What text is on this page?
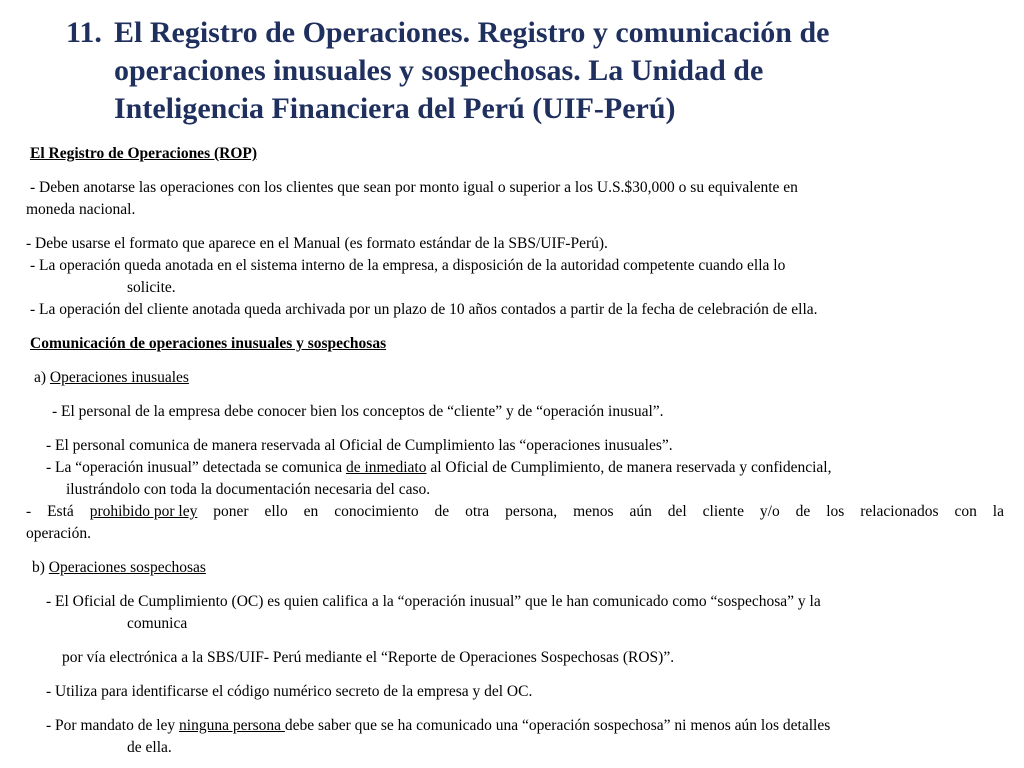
11. El Registro de Operaciones. Registro y comunicación de
operaciones inusuales y sospechosas. La Unidad de
Inteligencia Financiera del Perú (UIF-Perú)
El Registro de Operaciones (ROP)
- Deben anotarse las operaciones con los clientes que sean por monto igual o superior a los U.S.$30,000 o su equivalente en
moneda nacional.
- Debe usarse el formato que aparece en el Manual (es formato estándar de la SBS/UIF-Perú).
- La operación queda anotada en el sistema interno de la empresa, a disposición de la autoridad competente cuando ella lo
solicite.
- La operación del cliente anotada queda archivada por un plazo de 10 años contados a partir de la fecha de celebración de ella.
Comunicación de operaciones inusuales y sospechosas
a) Operaciones inusuales
- El personal de la empresa debe conocer bien los conceptos de “cliente” y de “operación inusual”.
- El personal comunica de manera reservada al Oficial de Cumplimiento las “operaciones inusuales”.
- La “operación inusual” detectada se comunica de inmediato al Oficial de Cumplimiento, de manera reservada y confidencial,
ilustrándolo con toda la documentación necesaria del caso.
- Está prohibido por ley poner ello en conocimiento de otra persona, menos aún del cliente y/o de los relacionados con la
operación.
b) Operaciones sospechosas
- El Oficial de Cumplimiento (OC) es quien califica a la “operación inusual” que le han comunicado como “sospechosa” y la
comunica
por vía electrónica a la SBS/UIF- Perú mediante el “Reporte de Operaciones Sospechosas (ROS)”.
- Utiliza para identificarse el código numérico secreto de la empresa y del OC.
- Por mandato de ley ninguna persona debe saber que se ha comunicado una “operación sospechosa” ni menos aún los detalles
de ella.
